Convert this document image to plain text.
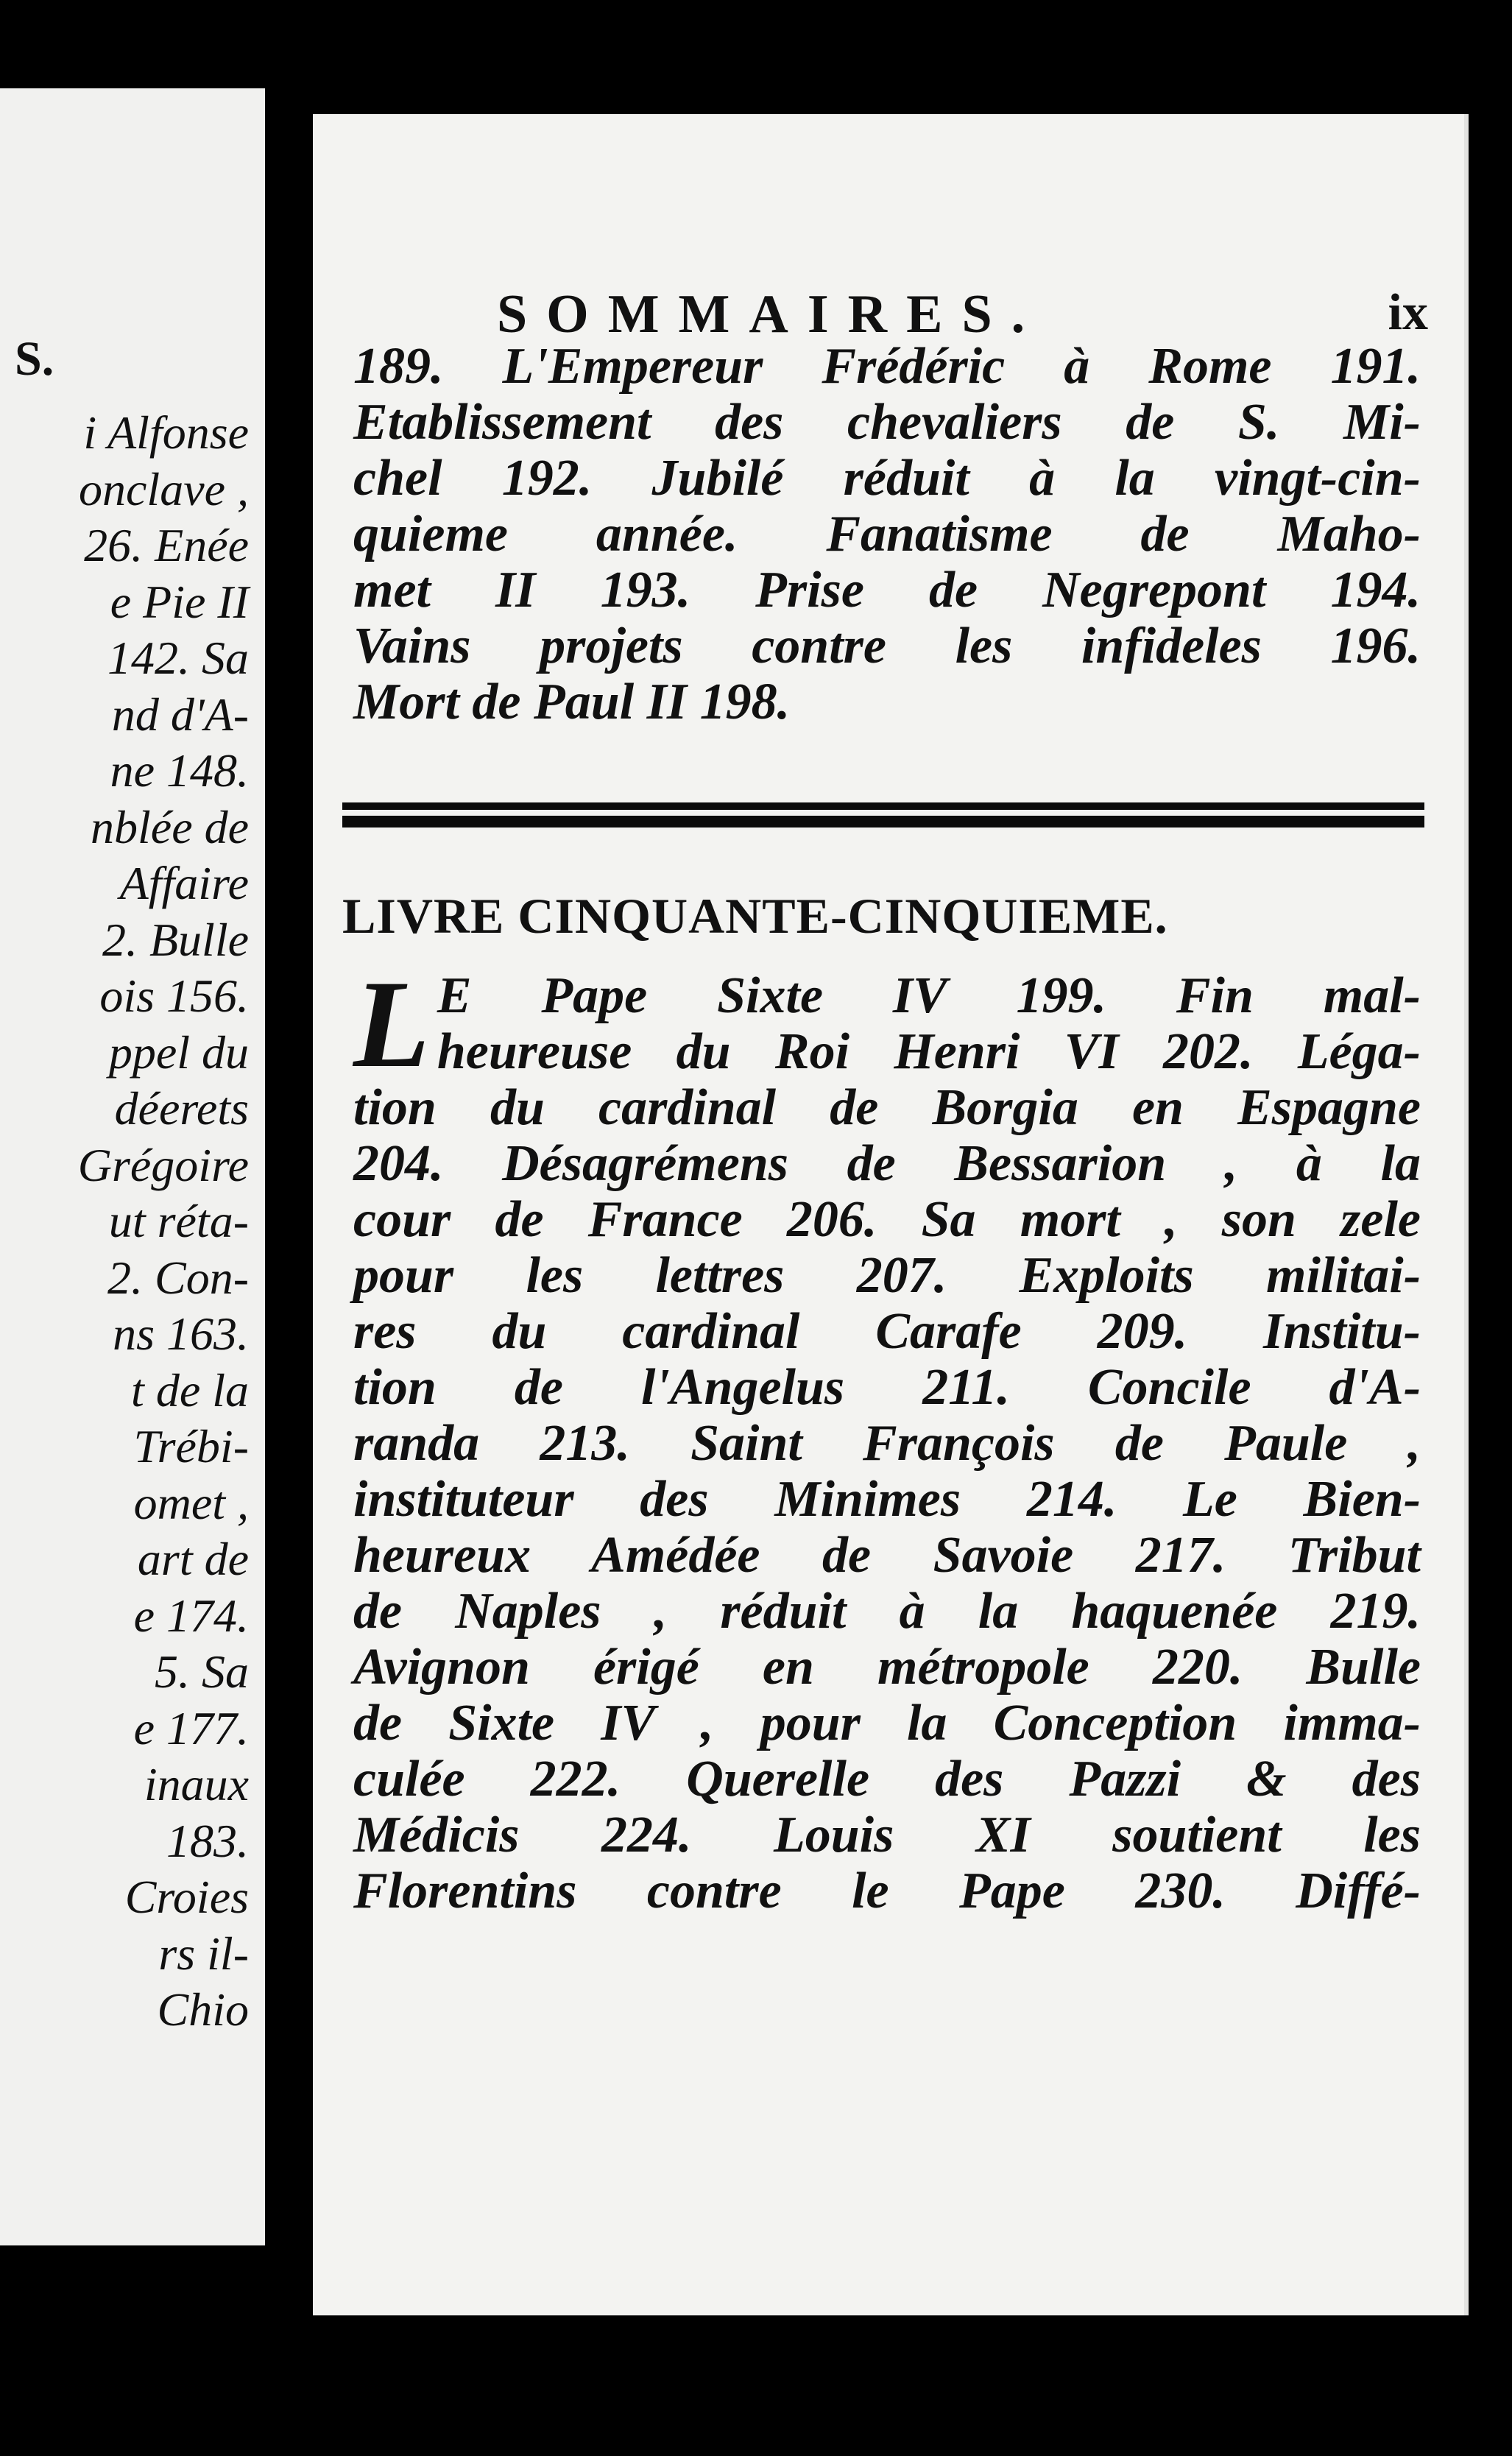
S.
i Alfonse
onclave ,
26. Enée
e Pie II
142. Sa
nd d'A-
ne 148.
nblée de
Affaire
2. Bulle
ois 156.
ppel du
déerets
Grégoire
ut réta-
2. Con-
ns 163.
t de la
Trébi-
omet ,
art de
e 174.
5. Sa
e 177.
inaux
183.
Croies
rs il-
Chio
SOMMAIRES.	ix
189. L'Empereur Frédéric à Rome 191.
Etablissement des chevaliers de S. Mi-
chel 192. Jubilé réduit à la vingt-cin-
quieme année. Fanatisme de Maho-
met II 193. Prise de Negrepont 194.
Vains projets contre les infideles 196.
Mort de Paul II 198.
LIVRE CINQUANTE-CINQUIEME.
L E Pape Sixte IV 199. Fin mal-
heureuse du Roi Henri VI 202. Léga-
tion du cardinal de Borgia en Espagne
204. Désagrémens de Bessarion , à la
cour de France 206. Sa mort , son zele
pour les lettres 207. Exploits militai-
res du cardinal Carafe 209. Institu-
tion de l'Angelus 211. Concile d'A-
randa 213. Saint François de Paule ,
instituteur des Minimes 214. Le Bien-
heureux Amédée de Savoie 217. Tribut
de Naples , réduit à la haquenée 219.
Avignon érigé en métropole 220. Bulle
de Sixte IV , pour la Conception imma-
culée 222. Querelle des Pazzi & des
Médicis 224. Louis XI soutient les
Florentins contre le Pape 230. Diffé-
